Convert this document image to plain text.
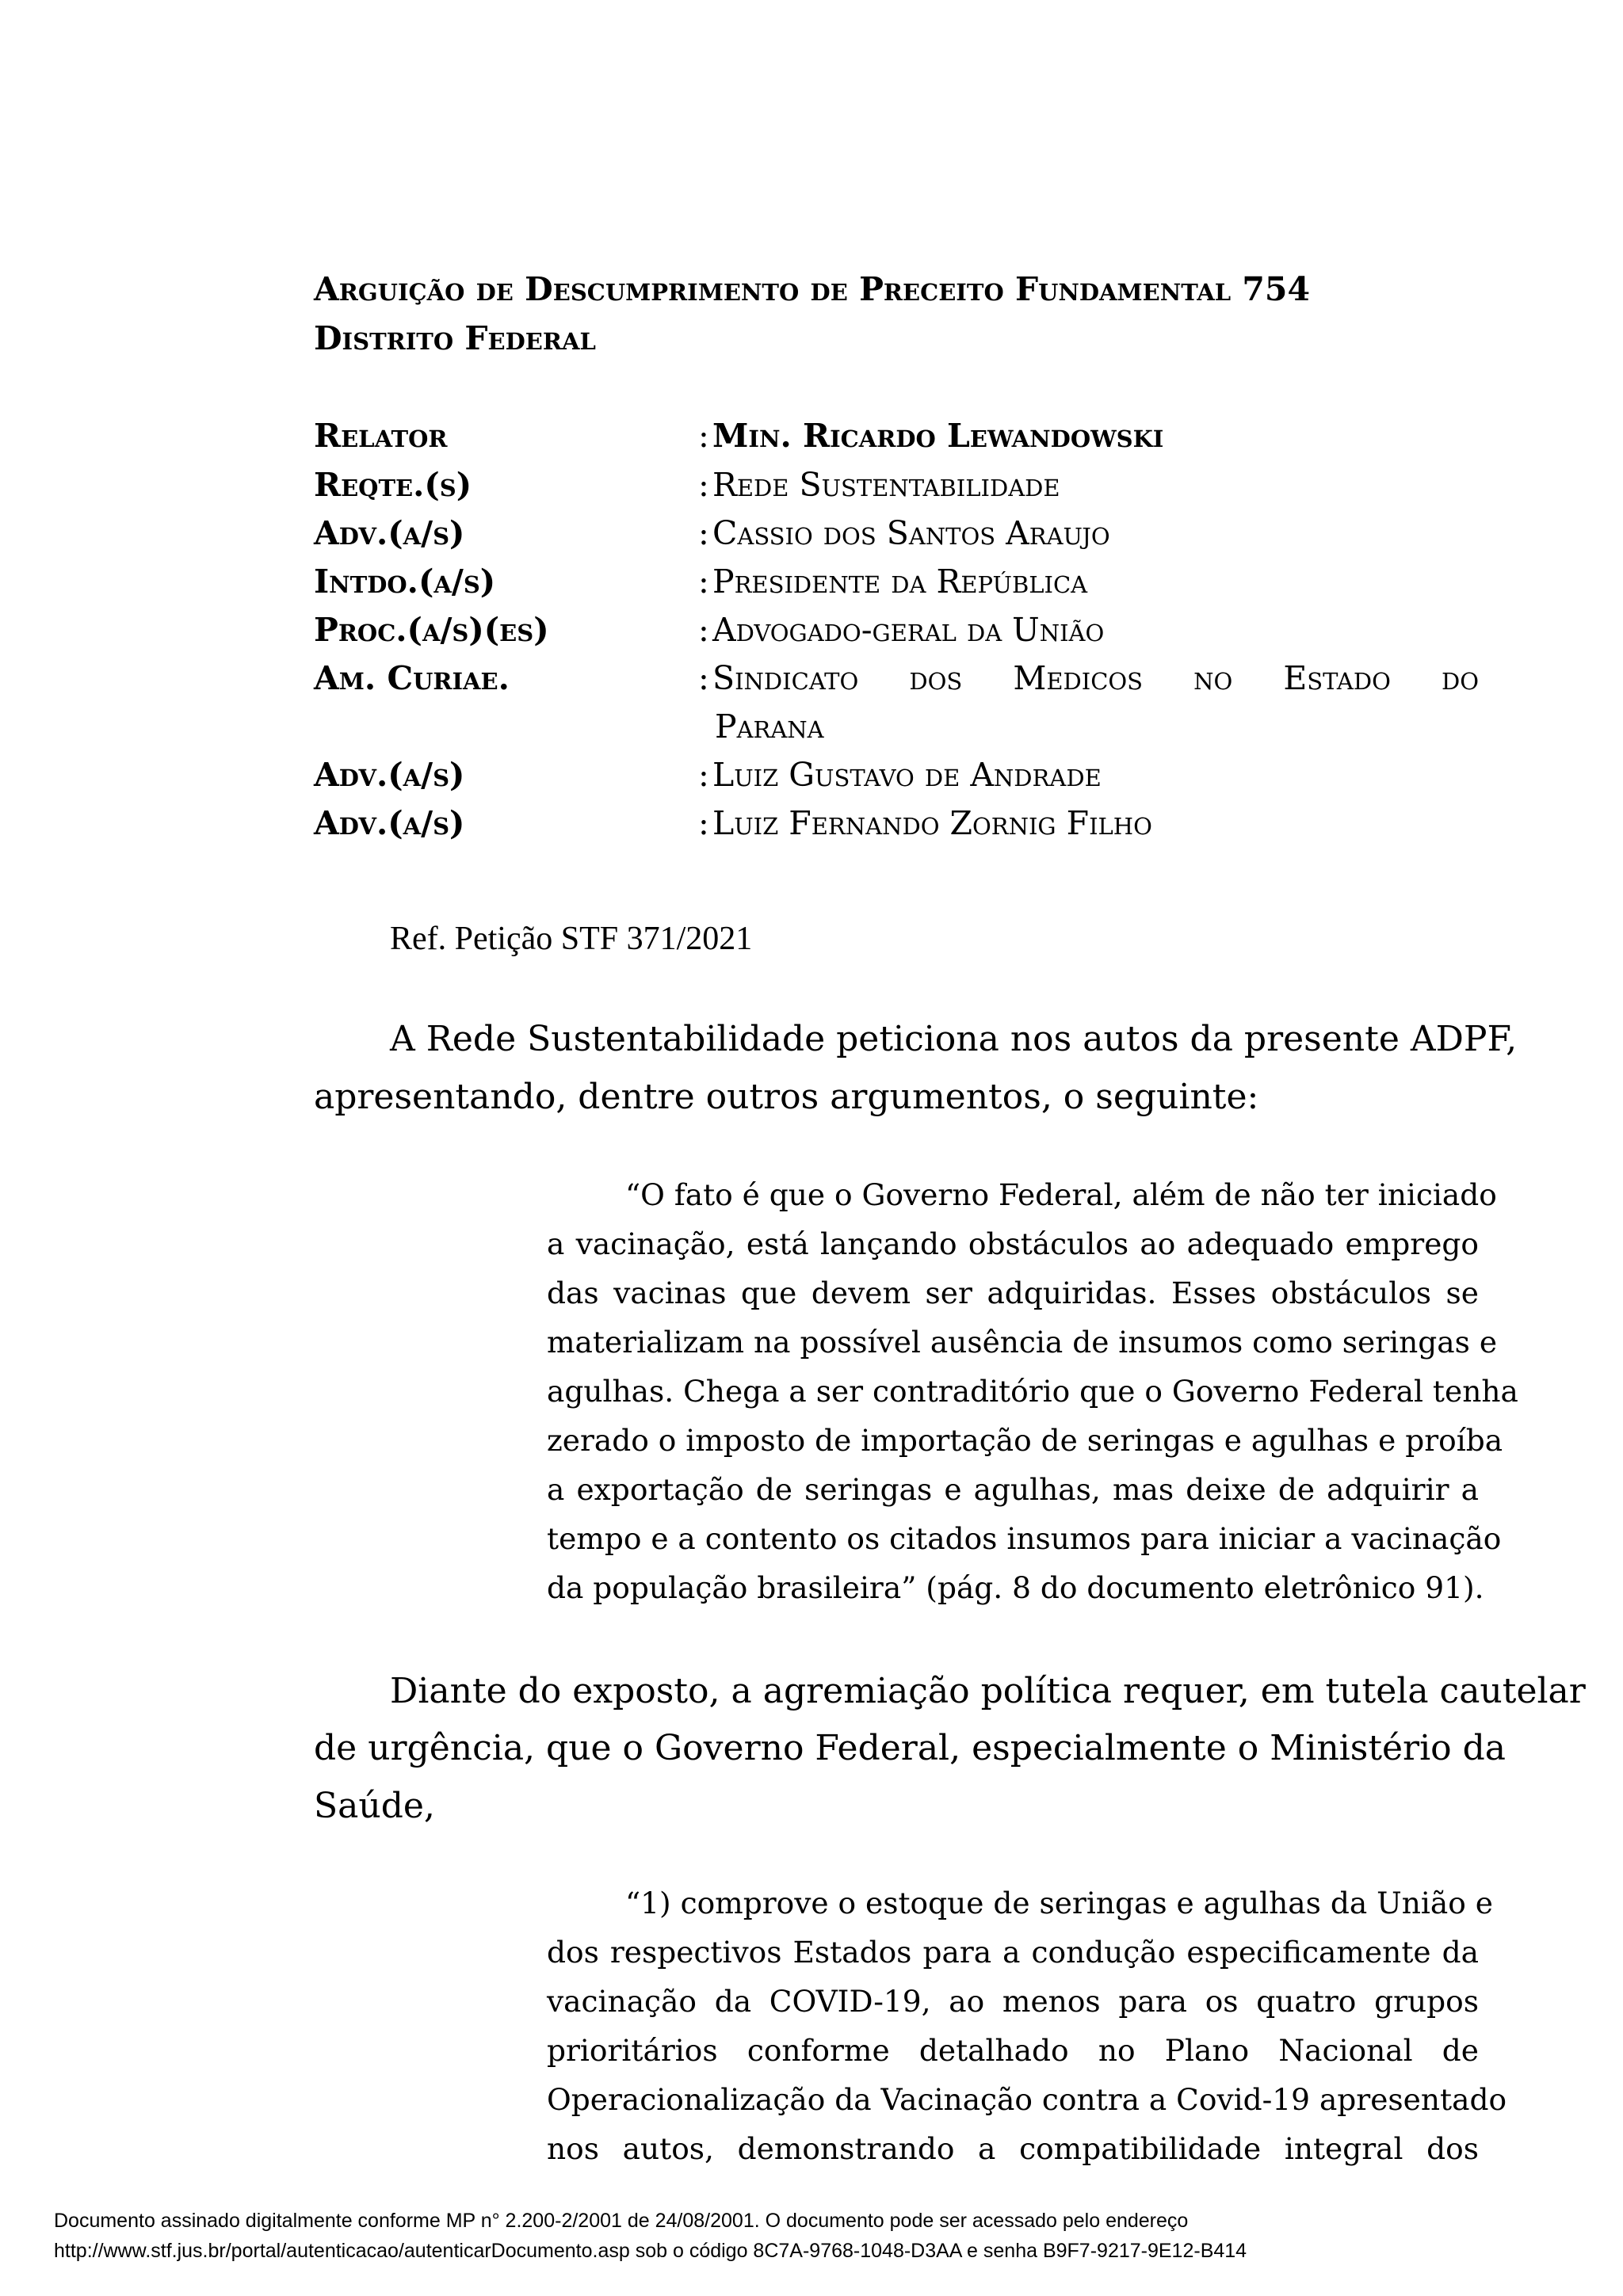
Arguição de Descumprimento de Preceito Fundamental 754
Distrito Federal
Relator	: Min. Ricardo Lewandowski
Reqte.(s)	: Rede Sustentabilidade
Adv.(a/s)	: Cassio dos Santos Araujo
Intdo.(a/s)	: Presidente da República
Proc.(a/s)(es)	: Advogado-geral da União
Am. Curiae.	: Sindicato dos Medicos no Estado do
Parana
Adv.(a/s)	: Luiz Gustavo de Andrade
Adv.(a/s)	: Luiz Fernando Zornig Filho
Ref. Petição STF 371/2021
A Rede Sustentabilidade peticiona nos autos da presente ADPF,
apresentando, dentre outros argumentos, o seguinte:
“O fato é que o Governo Federal, além de não ter iniciado
a vacinação, está lançando obstáculos ao adequado emprego
das vacinas que devem ser adquiridas. Esses obstáculos se
materializam na possível ausência de insumos como seringas e
agulhas. Chega a ser contraditório que o Governo Federal tenha
zerado o imposto de importação de seringas e agulhas e proíba
a exportação de seringas e agulhas, mas deixe de adquirir a
tempo e a contento os citados insumos para iniciar a vacinação
da população brasileira” (pág. 8 do documento eletrônico 91).
Diante do exposto, a agremiação política requer, em tutela cautelar
de urgência, que o Governo Federal, especialmente o Ministério da
Saúde,
“1) comprove o estoque de seringas e agulhas da União e
dos respectivos Estados para a condução especificamente da
vacinação da COVID-19, ao menos para os quatro grupos
prioritários conforme detalhado no Plano Nacional de
Operacionalização da Vacinação contra a Covid-19 apresentado
nos autos, demonstrando a compatibilidade integral dos
Documento assinado digitalmente conforme MP n° 2.200-2/2001 de 24/08/2001. O documento pode ser acessado pelo endereço
http://www.stf.jus.br/portal/autenticacao/autenticarDocumento.asp sob o código 8C7A-9768-1048-D3AA e senha B9F7-9217-9E12-B414
